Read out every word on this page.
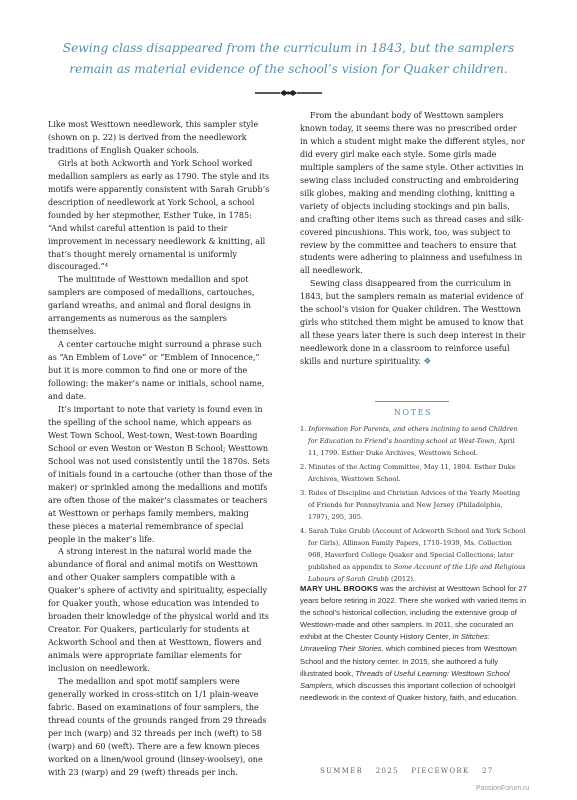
Sewing class disappeared from the curriculum in 1843, but the samplers remain as material evidence of the school’s vision for Quaker children.

Like most Westtown needlework, this sampler style (shown on p. 22) is derived from the needlework traditions of English Quaker schools.

Girls at both Ackworth and York School worked medallion samplers as early as 1790. The style and its motifs were apparently consistent with Sarah Grubb’s description of needlework at York School, a school founded by her stepmother, Esther Tuke, in 1785: “And whilst careful attention is paid to their improvement in necessary needlework & knitting, all that’s thought merely ornamental is uniformly discouraged.”⁴

The multitude of Westtown medallion and spot samplers are composed of medallions, cartouches, garland wreaths, and animal and floral designs in arrangements as numerous as the samplers themselves.

A center cartouche might surround a phrase such as “An Emblem of Love” or “Emblem of Innocence,” but it is more common to find one or more of the following: the maker’s name or initials, school name, and date.

It’s important to note that variety is found even in the spelling of the school name, which appears as West Town School, West-town, West-town Boarding School or even Weston or Weston B School; Westtown School was not used consistently until the 1870s. Sets of initials found in a cartouche (other than those of the maker) or sprinkled among the medallions and motifs are often those of the maker’s classmates or teachers at Westtown or perhaps family members, making these pieces a material remembrance of special people in the maker’s life.

A strong interest in the natural world made the abundance of floral and animal motifs on Westtown and other Quaker samplers compatible with a Quaker’s sphere of activity and spirituality, especially for Quaker youth, whose education was intended to broaden their knowledge of the physical world and its Creator. For Quakers, particularly for students at Ackworth School and then at Westtown, flowers and animals were appropriate familiar elements for inclusion on needlework.

The medallion and spot motif samplers were generally worked in cross-stitch on 1/1 plain-weave fabric. Based on examinations of four samplers, the thread counts of the grounds ranged from 29 threads per inch (warp) and 32 threads per inch (weft) to 58 (warp) and 60 (weft). There are a few known pieces worked on a linen/wool ground (linsey-woolsey), one with 23 (warp) and 29 (weft) threads per inch.

From the abundant body of Westtown samplers known today, it seems there was no prescribed order in which a student might make the different styles, nor did every girl make each style. Some girls made multiple samplers of the same style. Other activities in sewing class included constructing and embroidering silk globes, making and mending clothing, knitting a variety of objects including stockings and pin balls, and crafting other items such as thread cases and silk-covered pincushions. This work, too, was subject to review by the committee and teachers to ensure that students were adhering to plainness and usefulness in all needlework.

Sewing class disappeared from the curriculum in 1843, but the samplers remain as material evidence of the school’s vision for Quaker children. The Westtown girls who stitched them might be amused to know that all these years later there is such deep interest in their needlework done in a classroom to reinforce useful skills and nurture spirituality. ❖

NOTES
1. Information For Parents, and others inclining to send Children for Education to Friend’s boarding school at West-Town, April 11, 1799. Esther Duke Archives, Westtown School.
2. Minutes of the Acting Committee, May 11, 1804. Esther Duke Archives, Westtown School.
3. Rules of Discipline and Christian Advices of the Yearly Meeting of Friends for Pennsylvania and New Jersey (Philadelphia, 1797), 295, 305.
4. Sarah Tuke Grubb (Account of Ackworth School and York School for Girls), Allinson Family Papers, 1710–1939, Ms. Collection 968, Haverford College Quaker and Special Collections; later published as appendix to Some Account of the Life and Religious Labours of Sarah Grubb (2012).
MARY UHL BROOKS was the archivist at Westtown School for 27 years before retiring in 2022. There she worked with varied items in the school’s historical collection, including the extensive group of Westtown-made and other samplers. In 2011, she cocurated an exhibit at the Chester County History Center, In Stitches: Unraveling Their Stories, which combined pieces from Westtown School and the history center. In 2015, she authored a fully illustrated book, Threads of Useful Learning: Westtown School Samplers, which discusses this important collection of schoolgirl needlework in the context of Quaker history, faith, and education.
SUMMER 2025 PIECEWORK 27
PassionForum.ru
